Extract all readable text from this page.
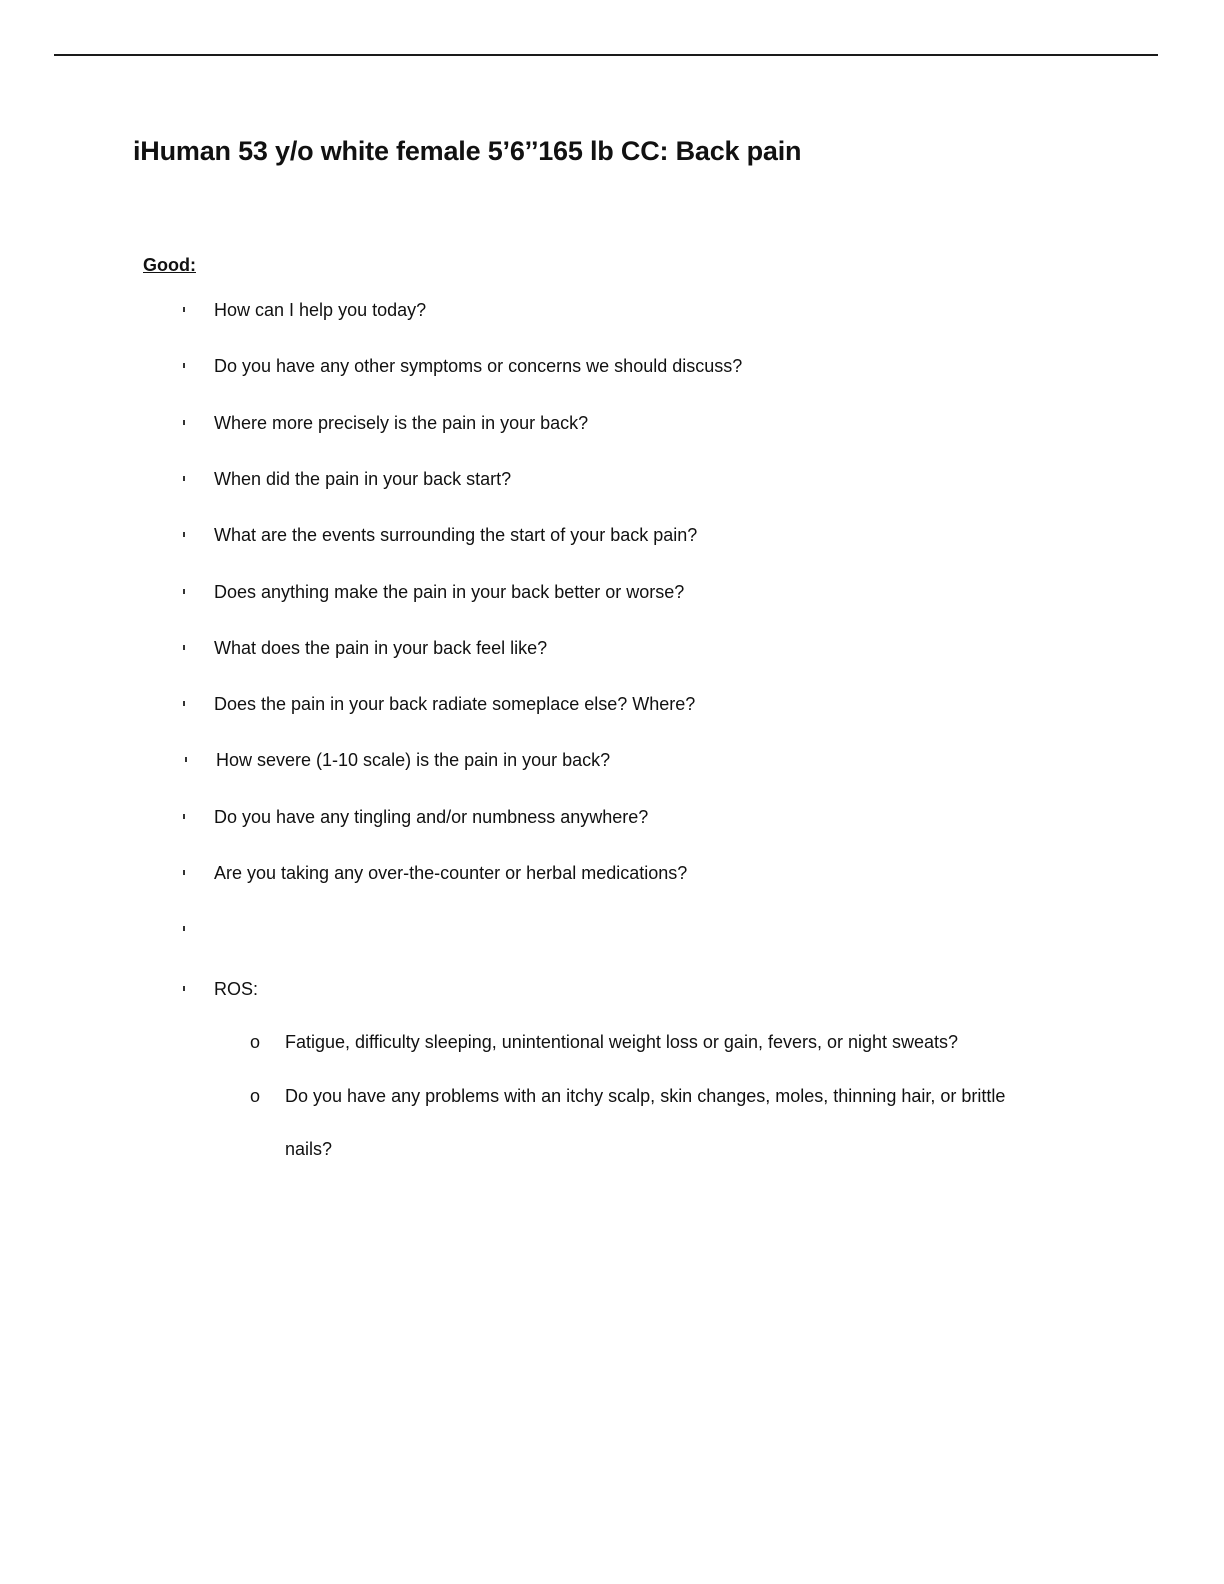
iHuman 53 y/o white female 5’6’’165 lb CC: Back pain
Good:
How can I help you today?
Do you have any other symptoms or concerns we should discuss?
Where more precisely is the pain in your back?
When did the pain in your back start?
What are the events surrounding the start of your back pain?
Does anything make the pain in your back better or worse?
What does the pain in your back feel like?
Does the pain in your back radiate someplace else? Where?
How severe (1-10 scale) is the pain in your back?
Do you have any tingling and/or numbness anywhere?
Are you taking any over-the-counter or herbal medications?
ROS:
o Fatigue, difficulty sleeping, unintentional weight loss or gain, fevers, or night sweats?
o Do you have any problems with an itchy scalp, skin changes, moles, thinning hair, or brittle nails?
